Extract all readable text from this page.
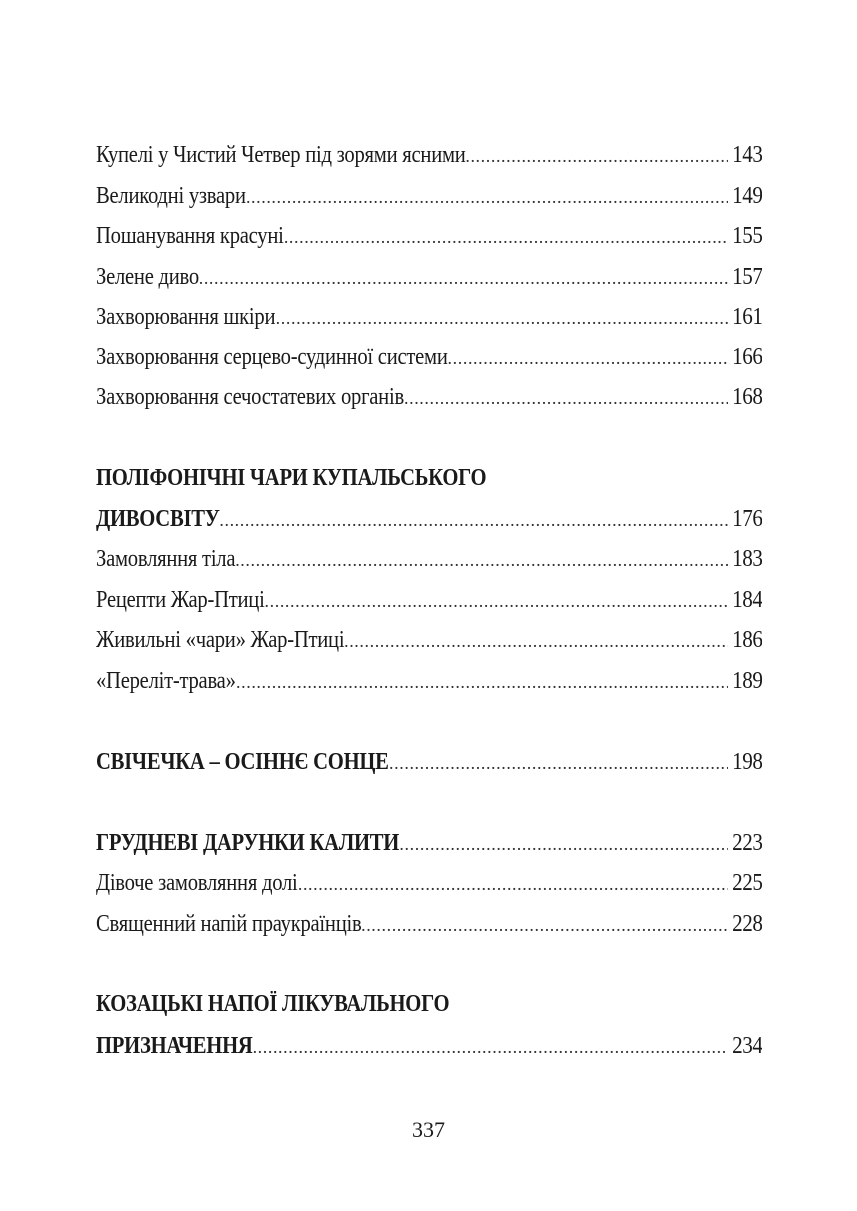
Купелі у Чистий Четвер під зорями ясними .....	143
Великодні узвари .....	149
Пошанування красуні .....	155
Зелене диво .....	157
Захворювання шкіри .....	161
Захворювання серцево-судинної системи .....	166
Захворювання сечостатевих органів .....	168
ПОЛІФОНІЧНІ ЧАРИ КУПАЛЬСЬКОГО
ДИВОСВІТУ .....	176
Замовляння тіла .....	183
Рецепти Жар-Птиці .....	184
Живильні «чари» Жар-Птиці .....	186
«Переліт-трава» .....	189
СВІЧЕЧКА – ОСІННЄ СОНЦЕ .....	198
ГРУДНЕВІ ДАРУНКИ КАЛИТИ .....	223
Дівоче замовляння долі .....	225
Священний напій праукраїнців .....	228
КОЗАЦЬКІ НАПОЇ ЛІКУВАЛЬНОГО
ПРИЗНАЧЕННЯ .....	234
337
